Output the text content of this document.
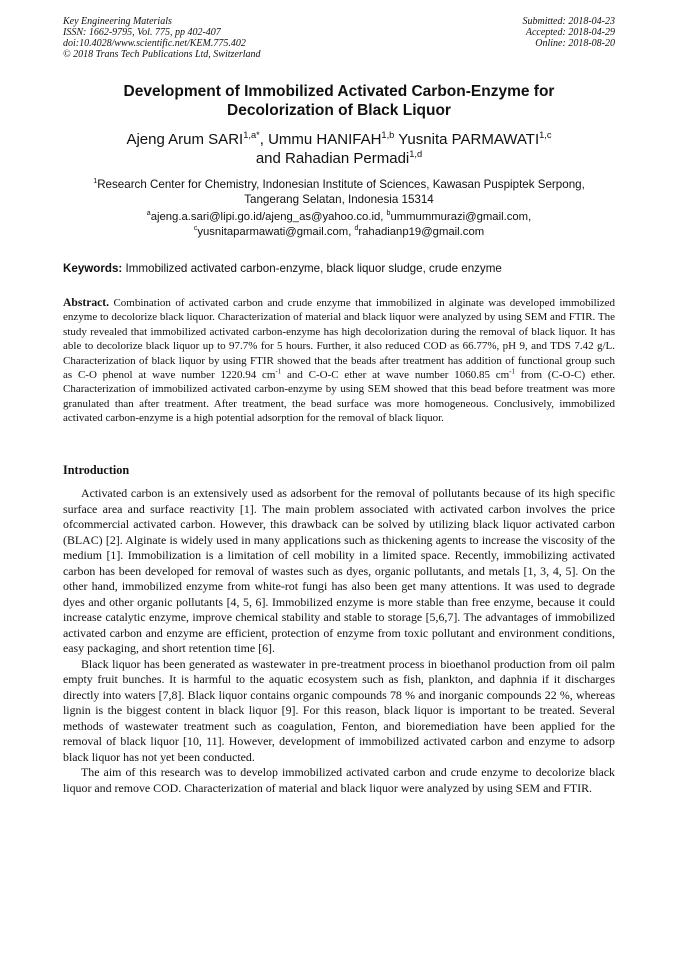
Key Engineering Materials
ISSN: 1662-9795, Vol. 775, pp 402-407
doi:10.4028/www.scientific.net/KEM.775.402
© 2018 Trans Tech Publications Ltd, Switzerland
Submitted: 2018-04-23
Accepted: 2018-04-29
Online: 2018-08-20
Development of Immobilized Activated Carbon-Enzyme for
Decolorization of Black Liquor
Ajeng Arum $SARI^{1,a*}$, Ummu HANIFAH$^{1,b}$ Yusnita PARMAWATI$^{1,c}$
and Rahadian Permadi$^{1,d}$
$^1$Research Center for Chemistry, Indonesian Institute of Sciences, Kawasan Puspiptek Serpong,
Tangerang Selatan, Indonesia 15314
$^a$ajeng.a.sari@lipi.go.id/ajeng_as@yahoo.co.id, $^b$ummummurazi@gmail.com,
$^c$yusnitaparmawati@gmail.com, $^d$rahadianp19@gmail.com
Keywords: Immobilized activated carbon-enzyme, black liquor sludge, crude enzyme
Abstract. Combination of activated carbon and crude enzyme that immobilized in alginate was developed immobilized enzyme to decolorize black liquor. Characterization of material and black liquor were analyzed by using SEM and FTIR. The study revealed that immobilized activated carbon-enzyme has high decolorization during the removal of black liquor. It has able to decolorize black liquor up to 97.7% for 5 hours. Further, it also reduced COD as 66.77%, pH 9, and TDS 7.42 g/L. Characterization of black liquor by using FTIR showed that the beads after treatment has addition of functional group such as C-O phenol at wave number 1220.94 $cm^{-1}$ and C-O-C ether at wave number 1060.85 $cm^{-1}$ from (C-O-C) ether. Characterization of immobilized activated carbon-enzyme by using SEM showed that this bead before treatment was more granulated than after treatment. After treatment, the bead surface was more homogeneous. Conclusively, immobilized activated carbon-enzyme is a high potential adsorption for the removal of black liquor.
Introduction

Activated carbon is an extensively used as adsorbent for the removal of pollutants because of its high specific surface area and surface reactivity [1]. The main problem associated with activated carbon involves the price ofcommercial activated carbon. However, this drawback can be solved by utilizing black liquor activated carbon (BLAC) [2]. Alginate is widely used in many applications such as thickening agents to increase the viscosity of the medium [1]. Immobilization is a limitation of cell mobility in a limited space. Recently, immobilizing activated carbon has been developed for removal of wastes such as dyes, organic pollutants, and metals [1, 3, 4, 5]. On the other hand, immobilized enzyme from white-rot fungi has also been get many attentions. It was used to degrade dyes and other organic pollutants [4, 5, 6]. Immobilized enzyme is more stable than free enzyme, because it could increase catalytic enzyme, improve chemical stability and stable to storage [5,6,7]. The advantages of immobilized activated carbon and enzyme are efficient, protection of enzyme from toxic pollutant and environment conditions, easy packaging, and short retention time [6].

Black liquor has been generated as wastewater in pre-treatment process in bioethanol production from oil palm empty fruit bunches. It is harmful to the aquatic ecosystem such as fish, plankton, and daphnia if it discharges directly into waters [7,8]. Black liquor contains organic compounds 78 % and inorganic compounds 22 %, whereas lignin is the biggest content in black liquor [9]. For this reason, black liquor is important to be treated. Several methods of wastewater treatment such as coagulation, Fenton, and bioremediation have been applied for the removal of black liquor [10, 11]. However, development of immobilized activated carbon and enzyme to adsorp black liquor has not yet been conducted.

The aim of this research was to develop immobilized activated carbon and crude enzyme to decolorize black liquor and remove COD. Characterization of material and black liquor were analyzed by using SEM and FTIR.
